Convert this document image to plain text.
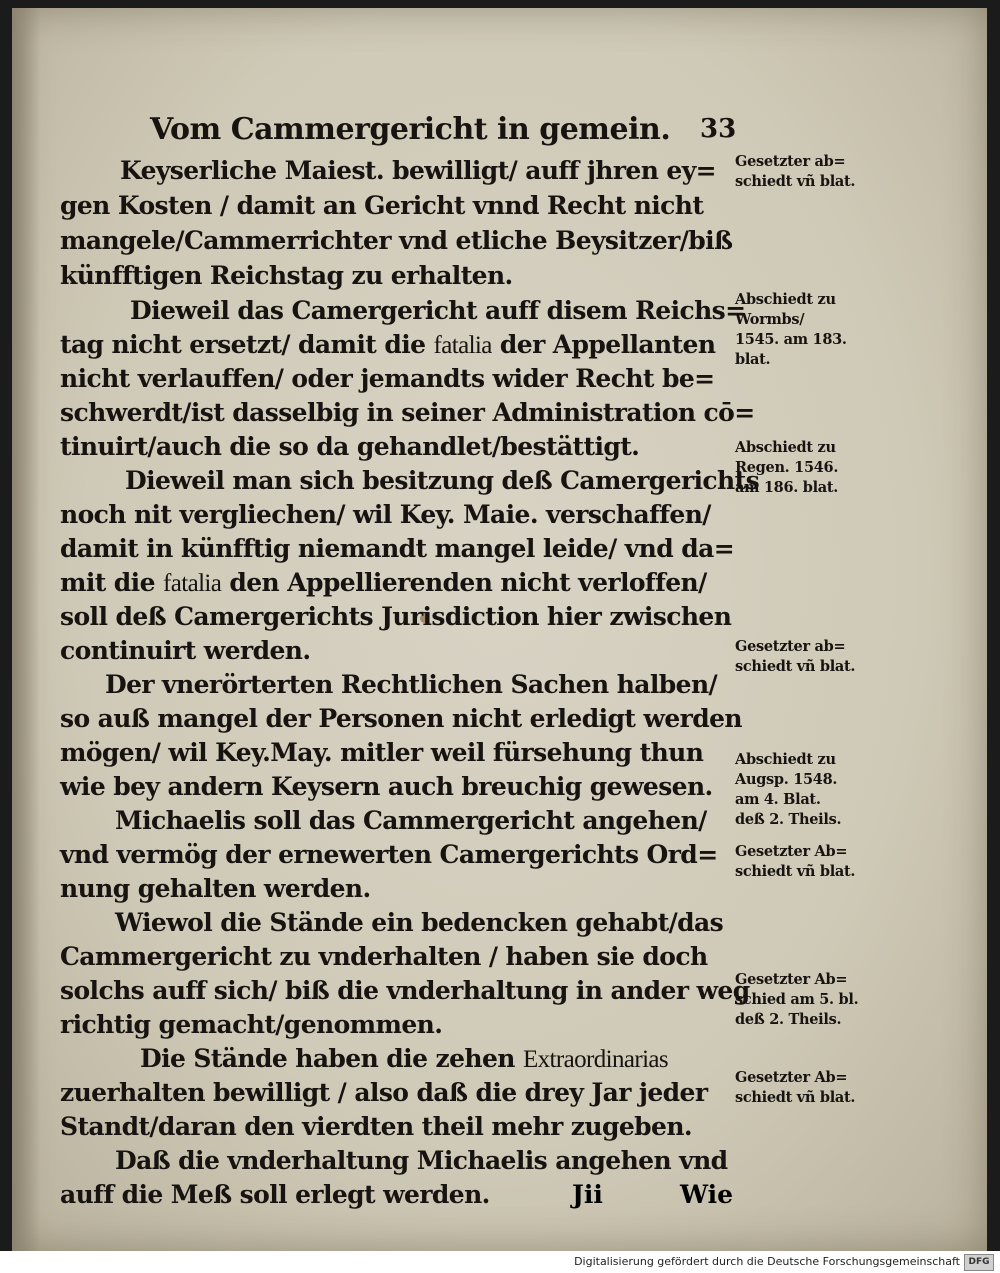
Vom Cammergericht in gemein. 33
Keyserliche Maiest. bewilligt/ auff jhren ey=
gen Kosten / damit an Gericht vnnd Recht nicht
mangele/Cammerrichter vnd etliche Beysitzer/biß
künfftigen Reichstag zu erhalten.
Dieweil das Camergericht auff disem Reichs=
tag nicht ersetzt/ damit die fatalia der Appellanten
nicht verlauffen/ oder jemandts wider Recht be=
schwerdt/ist dasselbig in seiner Administration cō=
tinuirt/auch die so da gehandlet/bestättigt.
Dieweil man sich besitzung deß Camergerichts
noch nit vergliechen/ wil Key. Maie. verschaffen/
damit in künfftig niemandt mangel leide/ vnd da=
mit die fatalia den Appellierenden nicht verloffen/
soll deß Camergerichts Jurisdiction hier zwischen
continuirt werden.
Der vnerörterten Rechtlichen Sachen halben/
so auß mangel der Personen nicht erledigt werden
mögen/ wil Key.May. mitler weil fürsehung thun
wie bey andern Keysern auch breuchig gewesen.
Michaelis soll das Cammergericht angehen/
vnd vermög der ernewerten Camergerichts Ord=
nung gehalten werden.
Wiewol die Stände ein bedencken gehabt/das
Cammergericht zu vnderhalten / haben sie doch
solchs auff sich/ biß die vnderhaltung in ander weg
richtig gemacht/genommen.
Die Stände haben die zehen Extraordinarias
zuerhalten bewilligt / also daß die drey Jar jeder
Standt/daran den vierdten theil mehr zugeben.
Daß die vnderhaltung Michaelis angehen vnd
auff die Meß soll erlegt werden.	Jii	Wie
Gesetzter ab=
schiedt vñ blat.
Abschiedt zu
Wormbs/
1545. am 183.
blat.
Abschiedt zu
Regen. 1546.
am 186. blat.
Gesetzter ab=
schiedt vñ blat.
Abschiedt zu
Augsp. 1548.
am 4. Blat.
deß 2. Theils.
Gesetzter Ab=
schiedt vñ blat.
Gesetzter Ab=
schied am 5. bl.
deß 2. Theils.
Gesetzter Ab=
schiedt vñ blat.
Digitalisierung gefördert durch die Deutsche Forschungsgemeinschaft DFG
